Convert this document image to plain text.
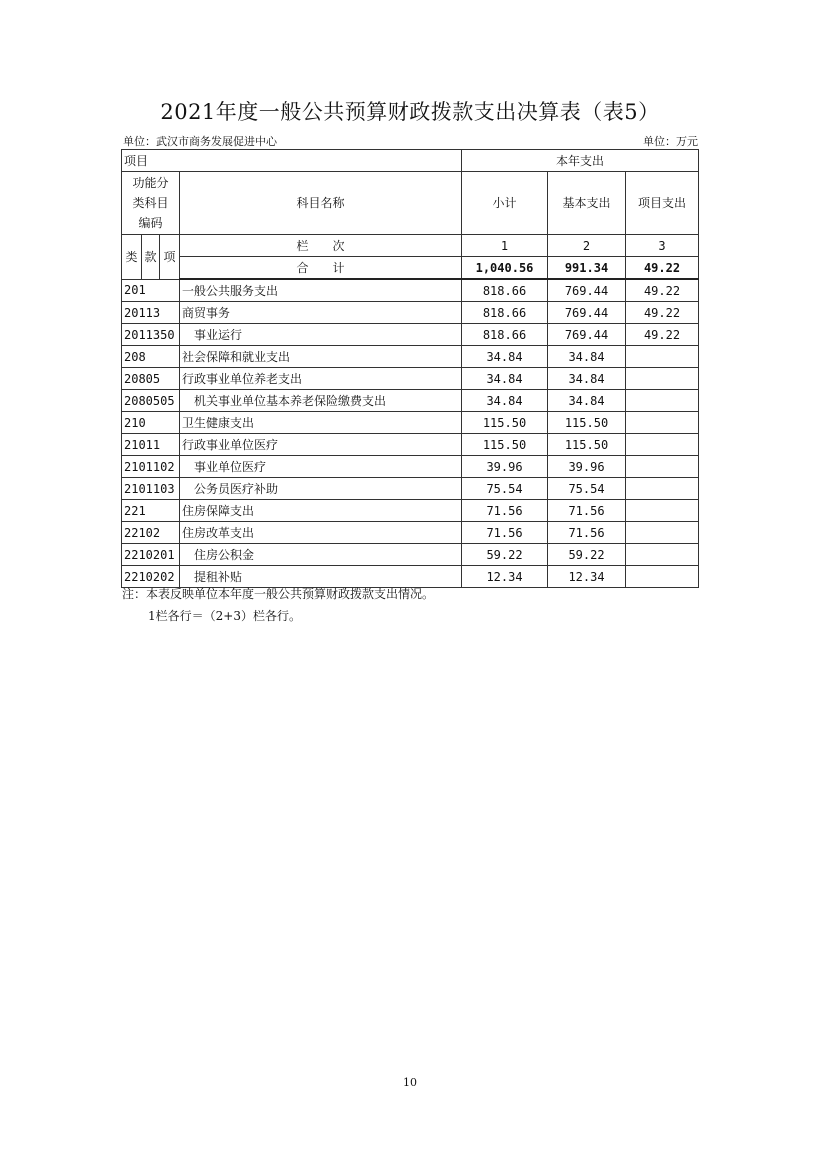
2021年度一般公共预算财政拨款支出决算表（表5）
单位：武汉市商务发展促进中心	单位：万元
项目				本年支出		
功能分
类科目
编码			科目名称	小计	基本支出	项目支出
类	款	项	栏　　次	1	2	3
			合　　计	1,040.56	991.34	49.22
201			一般公共服务支出	818.66	769.44	49.22
20113			商贸事务	818.66	769.44	49.22
2011350			事业运行	818.66	769.44	49.22
208			社会保障和就业支出	34.84	34.84	
20805			行政事业单位养老支出	34.84	34.84	
2080505			机关事业单位基本养老保险缴费支出	34.84	34.84	
210			卫生健康支出	115.50	115.50	
21011			行政事业单位医疗	115.50	115.50	
2101102			事业单位医疗	39.96	39.96	
2101103			公务员医疗补助	75.54	75.54	
221			住房保障支出	71.56	71.56	
22102			住房改革支出	71.56	71.56	
2210201			住房公积金	59.22	59.22	
2210202			提租补贴	12.34	12.34	
注：本表反映单位本年度一般公共预算财政拨款支出情况。
1栏各行＝（2+3）栏各行。
10
